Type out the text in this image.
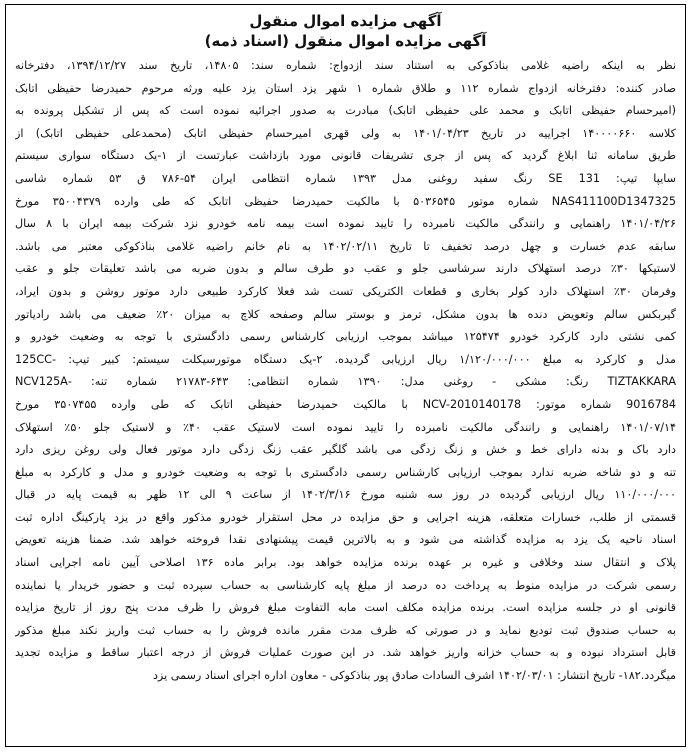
آگهی مزایده اموال منقول

آگهی مزایده اموال منقول (اسناد ذمه)

نظر به اینکه راضیه غلامی بناذکوکی به استناد سند ازدواج: شماره سند: ۱۴۸۰۵، تاریخ سند ۱۳۹۴/۱۲/۲۷، دفترخانه
صادر کننده: دفترخانه ازدواج شماره ۱۱۲ و طلاق شماره ۱ شهر یزد استان یزد علیه ورثه مرحوم حمیدرضا حفیظی اتابک
(امیرحسام حفیظی اتابک و محمد علی حفیظی اتابک) مبادرت به صدور اجرائیه نموده است که پس از تشکیل پرونده به
کلاسه ۱۴۰۰۰۰۶۶۰ اجراییه در تاریخ ۱۴۰۱/۰۴/۲۳ به ولی قهری امیرحسام حفیظی اتابک (محمدعلی حفیظی اتابک) از
طریق سامانه ثنا ابلاغ گردید که پس از جری تشریفات قانونی مورد بازداشت عبارتست از ۱-یک دستگاه سواری سیستم
سایپا تیپ: SE 131 رنگ سفید روغنی مدل ۱۳۹۳ شماره انتظامی ایران ۵۴-۷۸۶ ق ۵۳ شماره شاسی
NAS411100D1347325 شماره موتور ۵۰۳۶۵۴۵ با مالکیت حمیدرضا حفیظی اتابک که طی وارده ۳۵۰۰۴۳۷۹ مورخ
۱۴۰۱/۰۴/۲۶ راهنمایی و رانندگی مالکیت نامبرده را تایید نموده است بیمه نامه خودرو نزد شرکت بیمه ایران با ۸ سال
سابقه عدم خسارت و چهل درصد تخفیف تا تاریخ ۱۴۰۲/۰۲/۱۱ به نام خانم راضیه غلامی بناذکوکی معتبر می باشد.
لاستیکها ۳۰٪ درصد استهلاک دارند سرشاسی جلو و عقب دو طرف سالم و بدون ضربه می باشد تعلیقات جلو و عقب
وفرمان ۳۰٪ استهلاک دارد کولر بخاری و قطعات الکتریکی تست شد فعلا کارکرد طبیعی دارد موتور روشن و بدون ایراد،
گیربکس سالم وتعویض دنده ها بدون مشکل، ترمز و بوستر سالم وصفحه کلاچ به میزان ۲۰٪ ضعیف می باشد رادیاتور
کمی نشتی دارد کارکرد خودرو ۱۲۵۴۷۴ میباشد بموجب ارزیابی کارشناس رسمی دادگستری با توجه به وضعیت خودرو و
مدل و کارکرد به مبلغ ۱/۱۲۰/۰۰۰/۰۰۰ ریال ارزیابی گردیده. ۲-یک دستگاه موتورسیکلت سیستم: کبیر تیپ: -125CC
TIZTAKKARA رنگ: مشکی - روغنی مدل: ۱۳۹۰ شماره انتظامی: ۶۴۳-۲۱۷۸۳ شماره تنه: -NCV125A
9016784 شماره موتور: NCV-2010140178 با مالکیت حمیدرضا حفیظی اتابک که طی وارده ۳۵۰۷۴۵۵ مورخ
۱۴۰۱/۰۷/۱۴ راهنمایی و رانندگی مالکیت نامبرده را تایید نموده است لاستیک عقب ۴۰٪ و لاستیک جلو ۵۰٪ استهلاک
دارد باک و بدنه دارای خط و خش و زنگ زدگی می باشد گلگیر عقب زنگ زدگی دارد موتور فعال ولی روغن ریزی دارد
تنه و دو شاخه ضربه ندارد بموجب ارزیابی کارشناس رسمی دادگستری با توجه به وضعیت خودرو و مدل و کارکرد به مبلغ
۱۱۰/۰۰۰/۰۰۰ ریال ارزیابی گردیده در روز سه شنبه مورخ ۱۴۰۲/۳/۱۶ از ساعت ۹ الی ۱۲ ظهر به قیمت پایه در قبال
قسمتی از طلب، خسارات متعلقه، هزینه اجرایی و حق مزایده در محل استقرار خودرو مذکور واقع در یزد پارکینگ اداره ثبت
اسناد ناحیه یک یزد به مزایده گذاشته می شود و به بالاترین قیمت پیشنهادی نقدا فروخته خواهد شد. ضمنا هزینه تعویض
پلاک و انتقال سند وخلافی و غیره بر عهده برنده مزایده خواهد بود. برابر ماده ۱۳۶ اصلاحی آیین نامه اجرایی اسناد
رسمی شرکت در مزایده منوط به پرداخت ده درصد از مبلغ پایه کارشناسی به حساب سپرده ثبت و حضور خریدار یا نماینده
قانونی او در جلسه مزایده است. برنده مزایده مکلف است مابه التفاوت مبلغ فروش را ظرف مدت پنج روز از تاریخ مزایده
به حساب صندوق ثبت تودیع نماید و در صورتی که ظرف مدت مقرر مانده فروش را به حساب ثبت واریز نکند مبلغ مذکور
قابل استرداد نبوده و به حساب خزانه واریز خواهد شد. در این صورت عملیات فروش از درجه اعتبار ساقط و مزایده تجدید
میگردد.۱۸۲- تاریخ انتشار: ۱۴۰۲/۰۳/۰۱ اشرف السادات صادق پور بناذکوکی - معاون اداره اجرای اسناد رسمی یزد
